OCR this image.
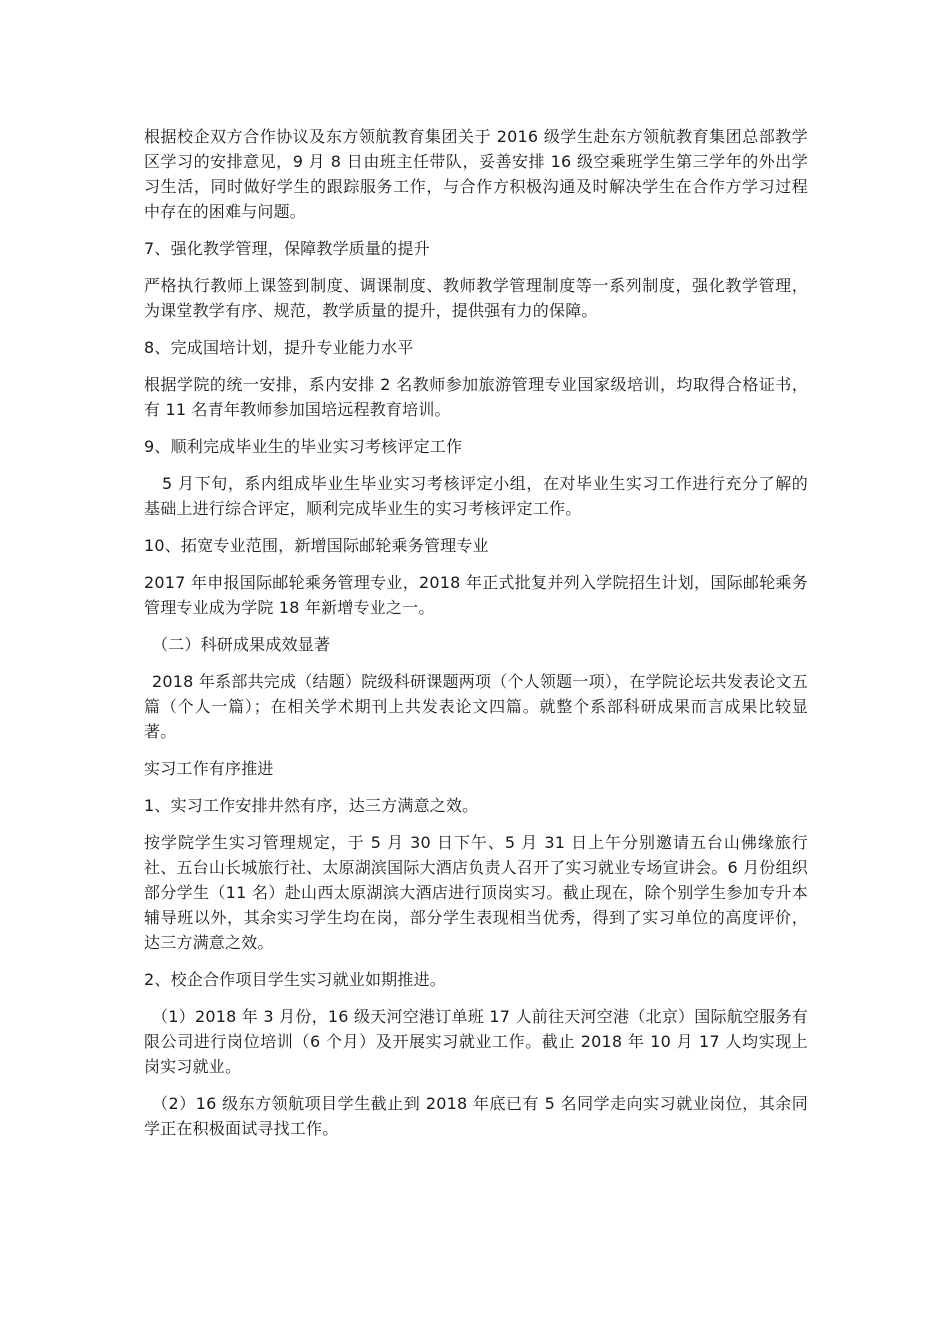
根据校企双方合作协议及东方领航教育集团关于 2016 级学生赴东方领航教育集团总部教学区学习的安排意见，9 月 8 日由班主任带队，妥善安排 16 级空乘班学生第三学年的外出学习生活，同时做好学生的跟踪服务工作，与合作方积极沟通及时解决学生在合作方学习过程中存在的困难与问题。

7、强化教学管理，保障教学质量的提升

严格执行教师上课签到制度、调课制度、教师教学管理制度等一系列制度，强化教学管理，为课堂教学有序、规范，教学质量的提升，提供强有力的保障。

8、完成国培计划，提升专业能力水平

根据学院的统一安排，系内安排 2 名教师参加旅游管理专业国家级培训，均取得合格证书，有 11 名青年教师参加国培远程教育培训。

9、顺利完成毕业生的毕业实习考核评定工作

5 月下旬，系内组成毕业生毕业实习考核评定小组，在对毕业生实习工作进行充分了解的基础上进行综合评定，顺利完成毕业生的实习考核评定工作。

10、拓宽专业范围，新增国际邮轮乘务管理专业

2017 年申报国际邮轮乘务管理专业，2018 年正式批复并列入学院招生计划，国际邮轮乘务管理专业成为学院 18 年新增专业之一。

（二）科研成果成效显著

2018 年系部共完成（结题）院级科研课题两项（个人领题一项），在学院论坛共发表论文五篇（个人一篇）；在相关学术期刊上共发表论文四篇。就整个系部科研成果而言成果比较显著。

实习工作有序推进

1、实习工作安排井然有序，达三方满意之效。

按学院学生实习管理规定，于 5 月 30 日下午、5 月 31 日上午分别邀请五台山佛缘旅行社、五台山长城旅行社、太原湖滨国际大酒店负责人召开了实习就业专场宣讲会。6 月份组织部分学生（11 名）赴山西太原湖滨大酒店进行顶岗实习。截止现在，除个别学生参加专升本辅导班以外，其余实习学生均在岗，部分学生表现相当优秀，得到了实习单位的高度评价，达三方满意之效。

2、校企合作项目学生实习就业如期推进。

（1）2018 年 3 月份，16 级天河空港订单班 17 人前往天河空港（北京）国际航空服务有限公司进行岗位培训（6 个月）及开展实习就业工作。截止 2018 年 10 月 17 人均实现上岗实习就业。

（2）16 级东方领航项目学生截止到 2018 年底已有 5 名同学走向实习就业岗位，其余同学正在积极面试寻找工作。
